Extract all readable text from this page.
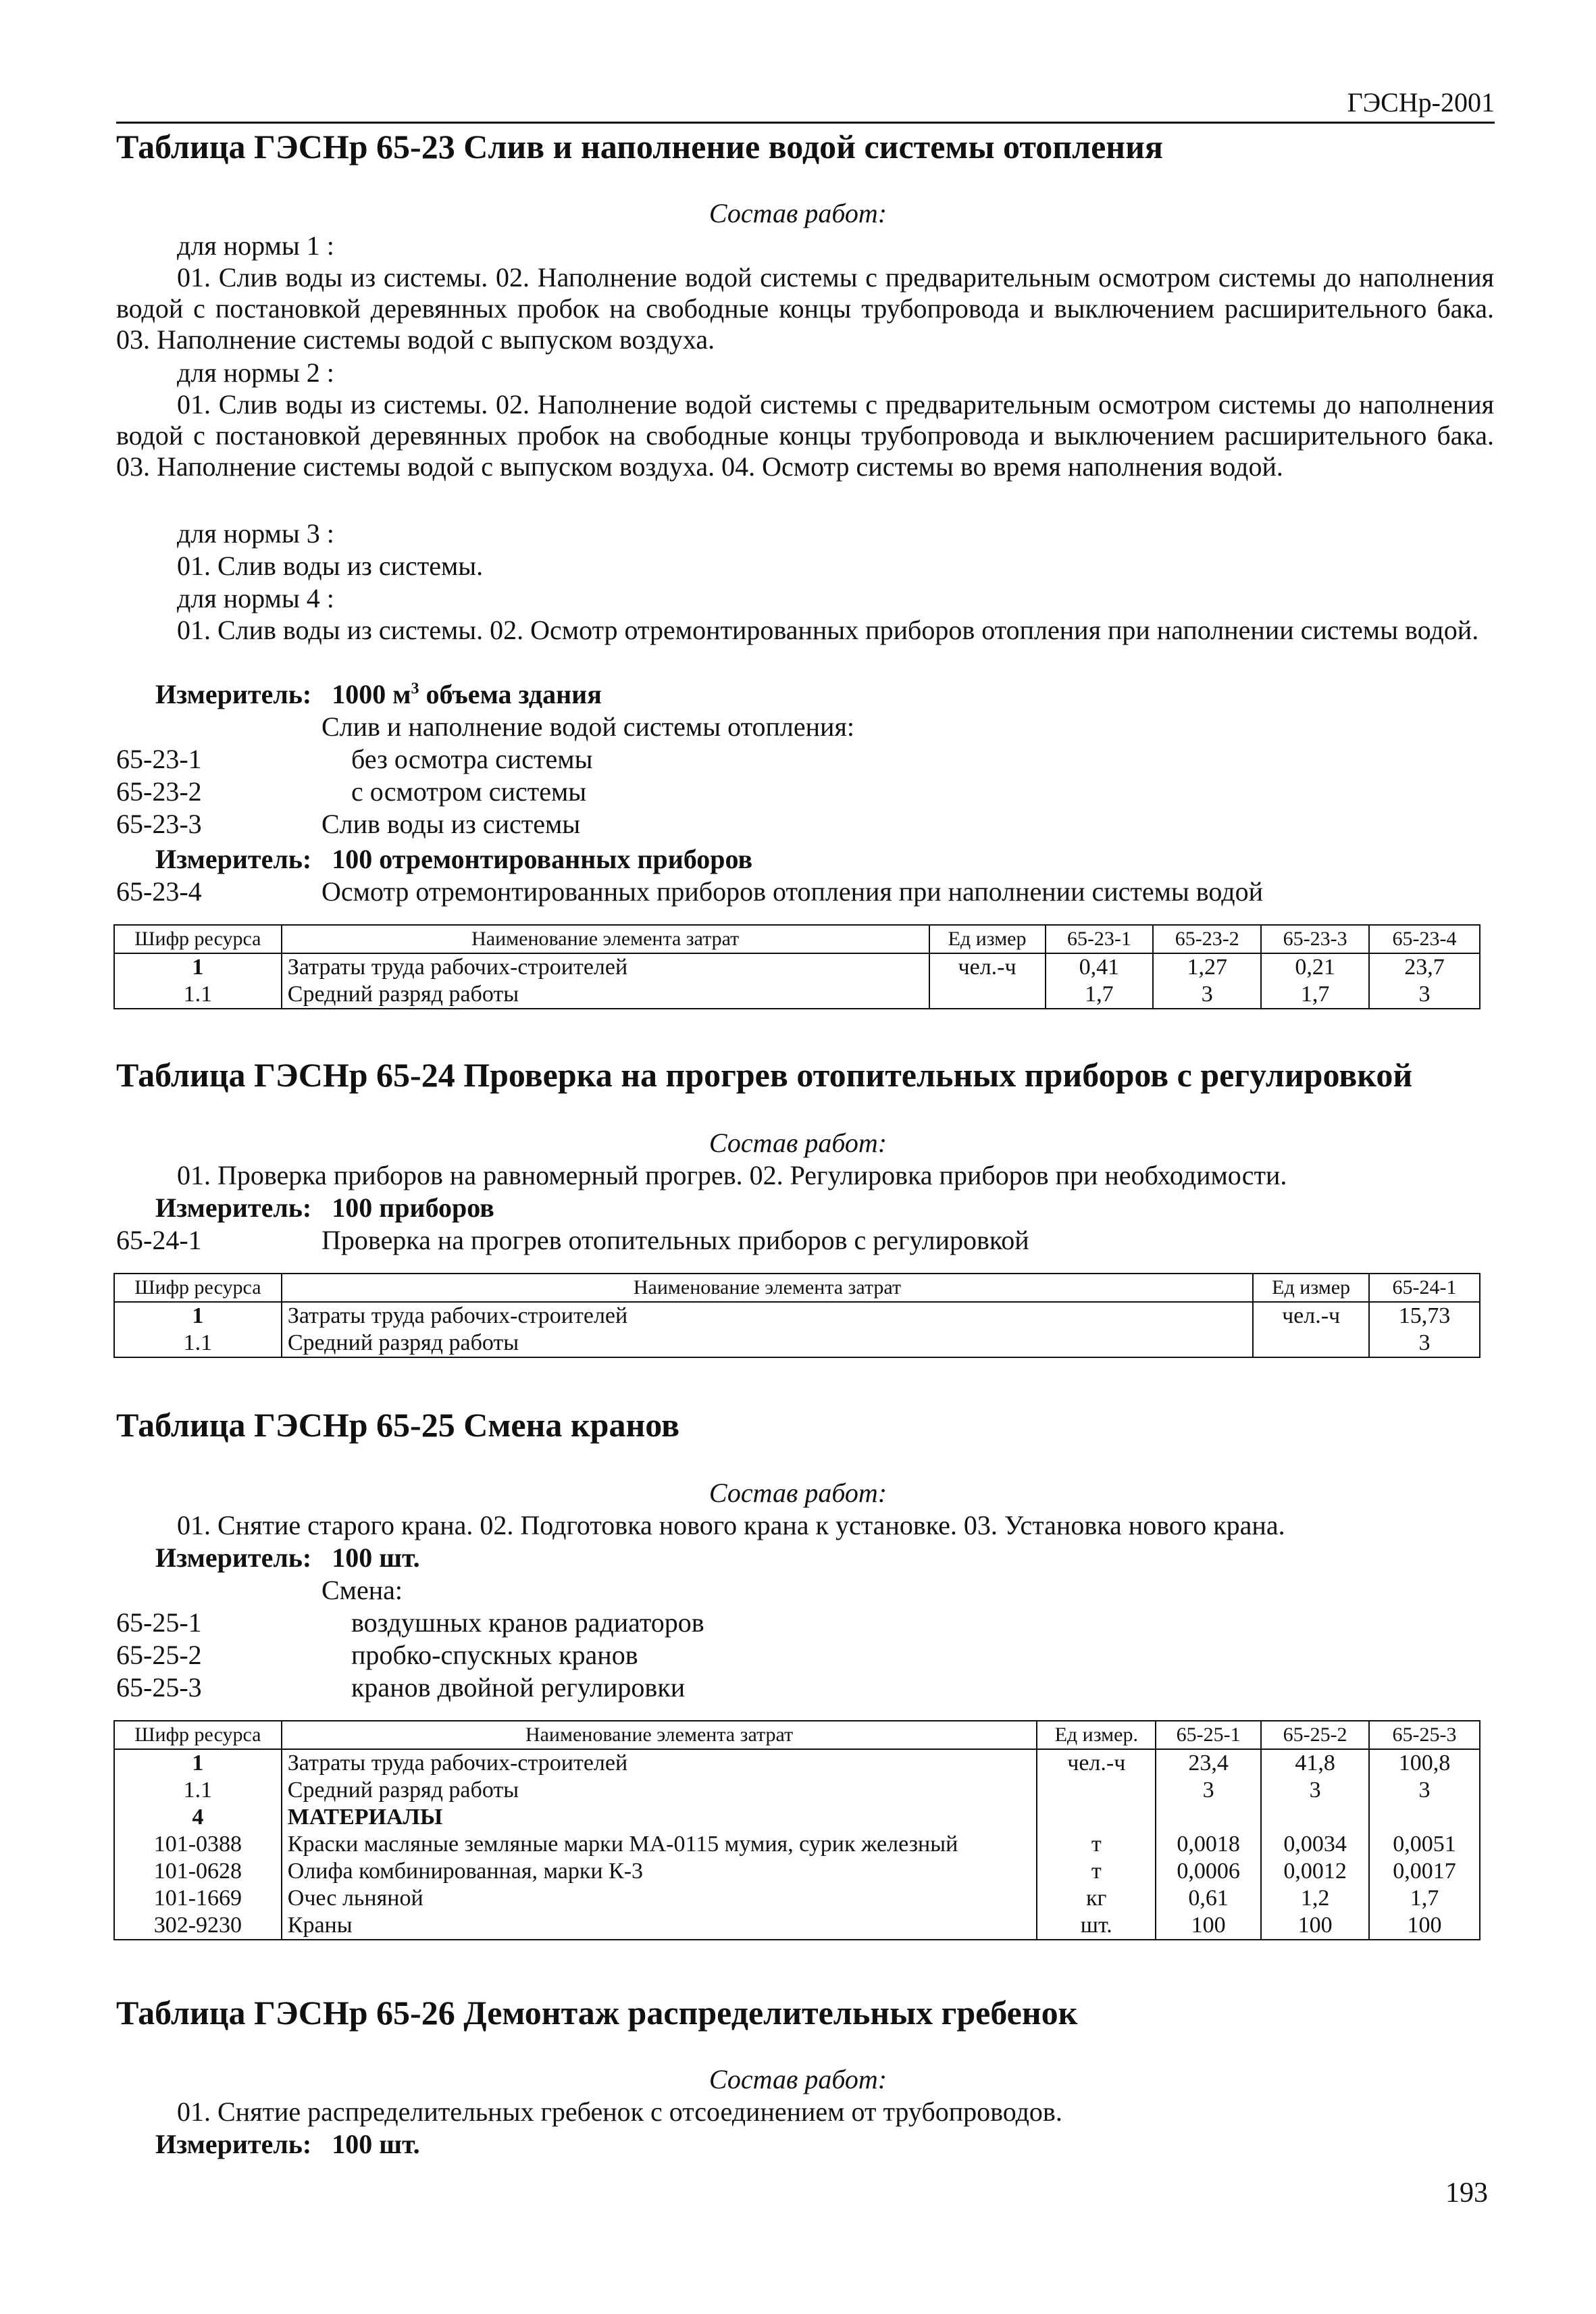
ГЭСНр-2001
Таблица ГЭСНр 65-23 Слив и наполнение водой системы отопления
Состав работ:
для нормы 1 :
01. Слив воды из системы. 02. Наполнение водой системы с предварительным осмотром системы до наполнения водой с постановкой деревянных пробок на свободные концы трубопровода и выключением расширительного бака. 03. Наполнение системы водой с выпуском воздуха.
для нормы 2 :
01. Слив воды из системы. 02. Наполнение водой системы с предварительным осмотром системы до наполнения водой с постановкой деревянных пробок на свободные концы трубопровода и выключением расширительного бака. 03. Наполнение системы водой с выпуском воздуха. 04. Осмотр системы во время наполнения водой.
для нормы 3 :
01. Слив воды из системы.
для нормы 4 :
01. Слив воды из системы. 02. Осмотр отремонтированных приборов отопления при наполнении системы водой.
Измеритель: 1000 $м^3$ объема здания
Слив и наполнение водой системы отопления:
65-23-1	без осмотра системы
65-23-2	с осмотром системы
65-23-3	Слив воды из системы
Измеритель: 100 отремонтированных приборов
65-23-4	Осмотр отремонтированных приборов отопления при наполнении системы водой
Шифр ресурса	Наименование элемента затрат	Ед измер	65-23-1	65-23-2	65-23-3	65-23-4
1	Затраты труда рабочих-строителей	чел.-ч	0,41	1,27	0,21	23,7
1.1	Средний разряд работы		1,7	3	1,7	3
Таблица ГЭСНр 65-24 Проверка на прогрев отопительных приборов с регулировкой
Состав работ:
01. Проверка приборов на равномерный прогрев. 02. Регулировка приборов при необходимости.
Измеритель: 100 приборов
65-24-1	Проверка на прогрев отопительных приборов с регулировкой
Шифр ресурса	Наименование элемента затрат	Ед измер	65-24-1
1	Затраты труда рабочих-строителей	чел.-ч	15,73
1.1	Средний разряд работы		3
Таблица ГЭСНр 65-25 Смена кранов
Состав работ:
01. Снятие старого крана. 02. Подготовка нового крана к установке. 03. Установка нового крана.
Измеритель: 100 шт.
Смена:
65-25-1	воздушных кранов радиаторов
65-25-2	пробко-спускных кранов
65-25-3	кранов двойной регулировки
Шифр ресурса	Наименование элемента затрат	Ед измер.	65-25-1	65-25-2	65-25-3
1	Затраты труда рабочих-строителей	чел.-ч	23,4	41,8	100,8
1.1	Средний разряд работы		3	3	3
4	МАТЕРИАЛЫ				
101-0388	Краски масляные земляные марки МА-0115 мумия, сурик железный	т	0,0018	0,0034	0,0051
101-0628	Олифа комбинированная, марки К-3	т	0,0006	0,0012	0,0017
101-1669	Очес льняной	кг	0,61	1,2	1,7
302-9230	Краны	шт.	100	100	100
Таблица ГЭСНр 65-26 Демонтаж распределительных гребенок
Состав работ:
01. Снятие распределительных гребенок с отсоединением от трубопроводов.
Измеритель: 100 шт.
193
